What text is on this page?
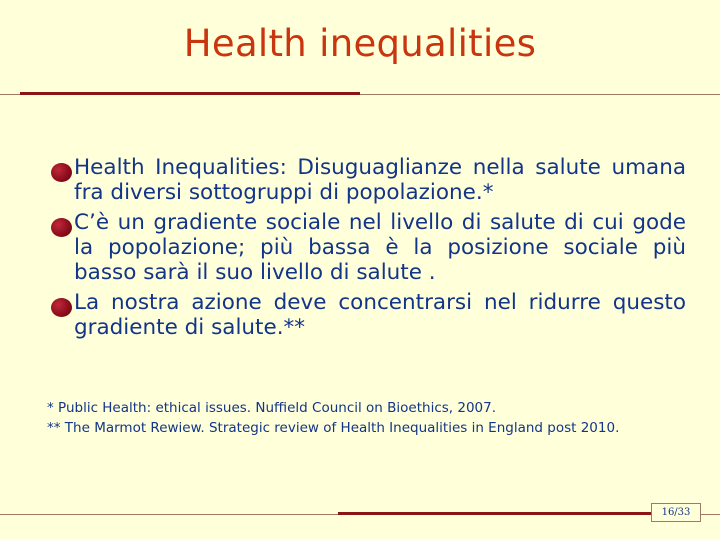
Health inequalities
Health Inequalities: Disuguaglianze nella salute umana fra diversi sottogruppi di popolazione.*
C’è un gradiente sociale nel livello di salute di cui gode la popolazione; più bassa è la posizione sociale più basso sarà il suo livello di salute .
La nostra azione deve concentrarsi nel ridurre questo gradiente di salute.**
* Public Health: ethical issues. Nuffield Council on Bioethics, 2007.
** The Marmot Rewiew. Strategic review of Health Inequalities in England post 2010.
16/33
